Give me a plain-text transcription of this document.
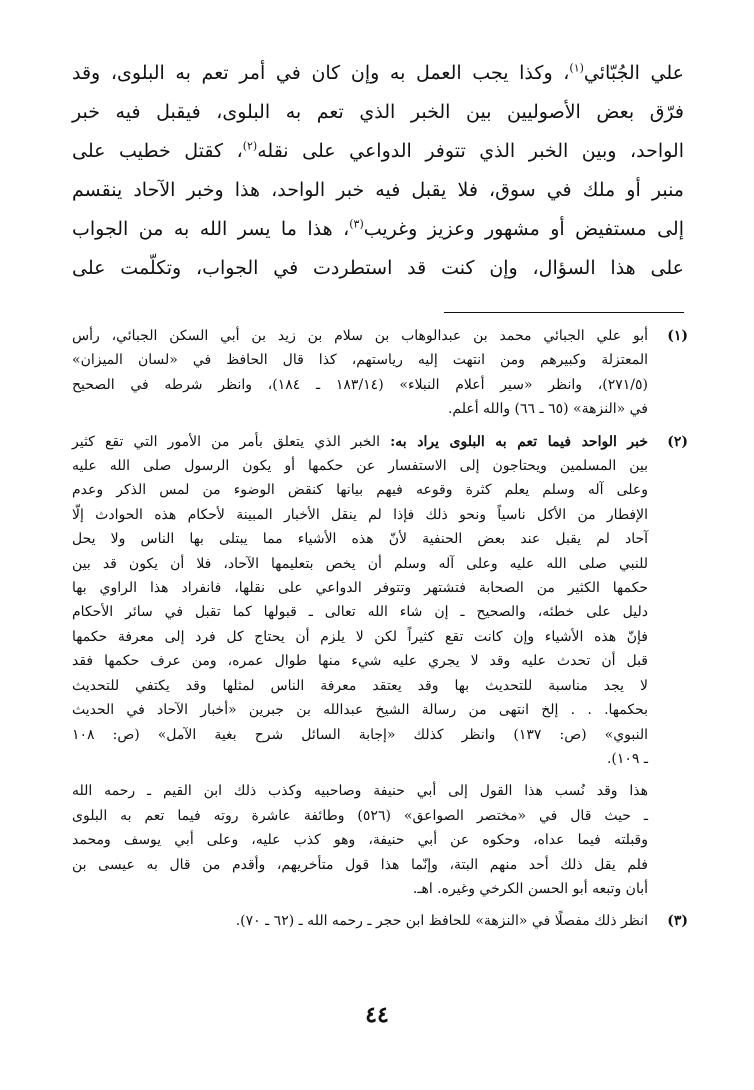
علي الجُبّائي$^{(١)}$، وكذا يجب العمل به وإن كان في أمر تعم به البلوى، وقد

فرّق بعض الأصوليين بين الخبر الذي تعم به البلوى، فيقبل فيه خبر

الواحد، وبين الخبر الذي تتوفر الدواعي على نقله$^{(٢)}$، كقتل خطيب على

منبر أو ملك في سوق، فلا يقبل فيه خبر الواحد، هذا وخبر الآحاد ينقسم

إلى مستفيض أو مشهور وعزيز وغريب$^{(٣)}$، هذا ما يسر الله به من الجواب

على هذا السؤال، وإن كنت قد استطردت في الجواب، وتكلّمت على

(١)
أبو علي الجبائي محمد بن عبدالوهاب بن سلام بن زيد بن أبي السكن الجبائي، رأس
المعتزلة وكبيرهم ومن انتهت إليه رياستهم، كذا قال الحافظ في «لسان الميزان»
(٢٧١/٥)، وانظر «سير أعلام النبلاء» (١٨٣/١٤ ـ ١٨٤)، وانظر شرطه في الصحيح
في «النزهة» (٦٥ ـ ٦٦) والله أعلم.
(٢)
خبر الواحد فيما تعم به البلوى يراد به: الخبر الذي يتعلق بأمر من الأمور التي تقع كثير
بين المسلمين ويحتاجون إلى الاستفسار عن حكمها أو يكون الرسول صلى الله عليه
وعلى آله وسلم يعلم كثرة وقوعه فيهم بيانها كنقض الوضوء من لمس الذكر وعدم
الإفطار من الأكل ناسياً ونحو ذلك فإذا لم ينقل الأخبار المبينة لأحكام هذه الحوادث إلّا
آحاد لم يقبل عند بعض الحنفية لأنّ هذه الأشياء مما يبتلى بها الناس ولا يحل
للنبي صلى الله عليه وعلى آله وسلم أن يخص بتعليمها الآحاد، فلا أن يكون قد بين
حكمها الكثير من الصحابة فتشتهر وتتوفر الدواعي على نقلها، فانفراد هذا الراوي بها
دليل على خطئه، والصحيح ـ إن شاء الله تعالى ـ قبولها كما تقبل في سائر الأحكام
فإنّ هذه الأشياء وإن كانت تقع كثيراً لكن لا يلزم أن يحتاج كل فرد إلى معرفة حكمها
قبل أن تحدث عليه وقد لا يجري عليه شيء منها طوال عمره، ومن عرف حكمها فقد
لا يجد مناسبة للتحديث بها وقد يعتقد معرفة الناس لمثلها وقد يكتفي للتحديث
بحكمها. . . إلخ انتهى من رسالة الشيخ عبدالله بن جبرين «أخبار الآحاد في الحديث
النبوي» (ص: ١٣٧) وانظر كذلك «إجابة السائل شرح بغية الآمل» (ص: ١٠٨
ـ ١٠٩).
هذا وقد نُسب هذا القول إلى أبي حنيفة وصاحبيه وكذب ذلك ابن القيم ـ رحمه الله
ـ حيث قال في «مختصر الصواعق» (٥٢٦) وطائفة عاشرة روته فيما تعم به البلوى
وقبلته فيما عداه، وحكوه عن أبي حنيفة، وهو كذب عليه، وعلى أبي يوسف ومحمد
فلم يقل ذلك أحد منهم البتة، وإنّما هذا قول متأخريهم، وأقدم من قال به عيسى بن
أبان وتبعه أبو الحسن الكرخي وغيره. اهـ.
(٣)
انظر ذلك مفصلًا في «النزهة» للحافظ ابن حجر ـ رحمه الله ـ (٦٢ ـ ٧٠).
٤٤
